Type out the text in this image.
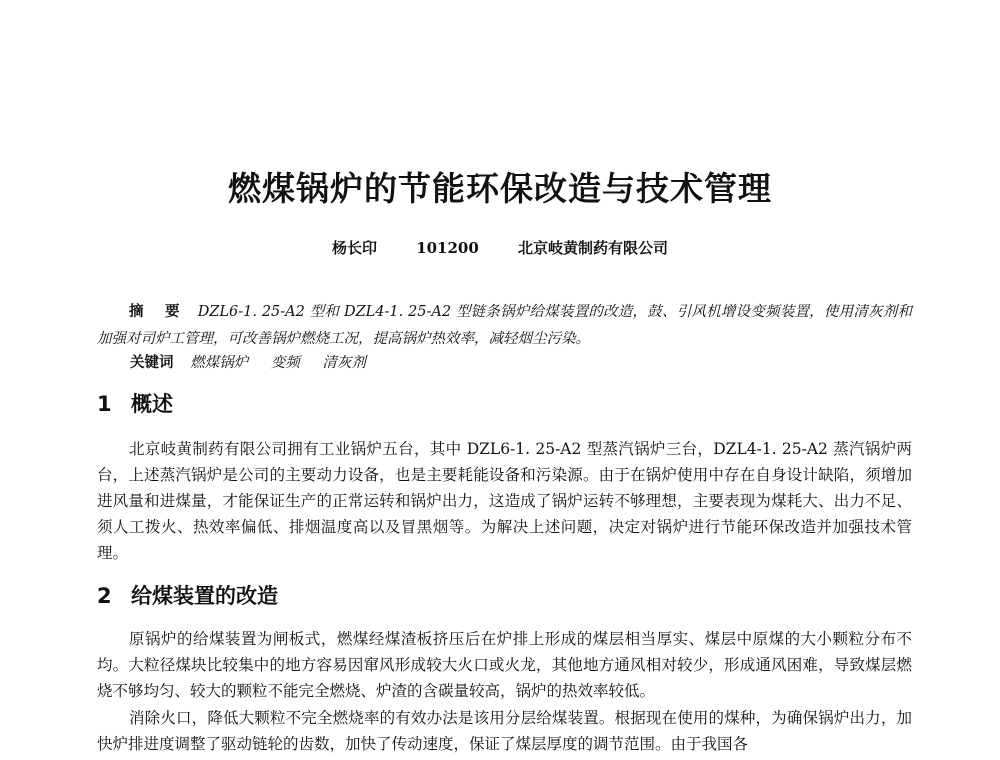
燃煤锅炉的节能环保改造与技术管理
杨长印	101200	北京岐黄制药有限公司

摘 要 DZL6-1. 25-A2 型和 DZL4-1. 25-A2 型链条锅炉给煤装置的改造，鼓、引风机增设变频装置，使用清灰剂和加强对司炉工管理，可改善锅炉燃烧工况，提高锅炉热效率，减轻烟尘污染。

关键词 燃煤锅炉 变频 清灰剂
1 概述

北京岐黄制药有限公司拥有工业锅炉五台，其中 DZL6-1. 25-A2 型蒸汽锅炉三台，DZL4-1. 25-A2 蒸汽锅炉两台，上述蒸汽锅炉是公司的主要动力设备，也是主要耗能设备和污染源。由于在锅炉使用中存在自身设计缺陷，须增加进风量和进煤量，才能保证生产的正常运转和锅炉出力，这造成了锅炉运转不够理想，主要表现为煤耗大、出力不足、须人工拨火、热效率偏低、排烟温度高以及冒黑烟等。为解决上述问题，决定对锅炉进行节能环保改造并加强技术管理。

2 给煤装置的改造

原锅炉的给煤装置为闸板式，燃煤经煤渣板挤压后在炉排上形成的煤层相当厚实、煤层中原煤的大小颗粒分布不均。大粒径煤块比较集中的地方容易因窜风形成较大火口或火龙，其他地方通风相对较少，形成通风困难，导致煤层燃烧不够均匀、较大的颗粒不能完全燃烧、炉渣的含碳量较高，锅炉的热效率较低。

消除火口，降低大颗粒不完全燃烧率的有效办法是该用分层给煤装置。根据现在使用的煤种，为确保锅炉出力，加快炉排进度调整了驱动链轮的齿数，加快了传动速度，保证了煤层厚度的调节范围。由于我国各
